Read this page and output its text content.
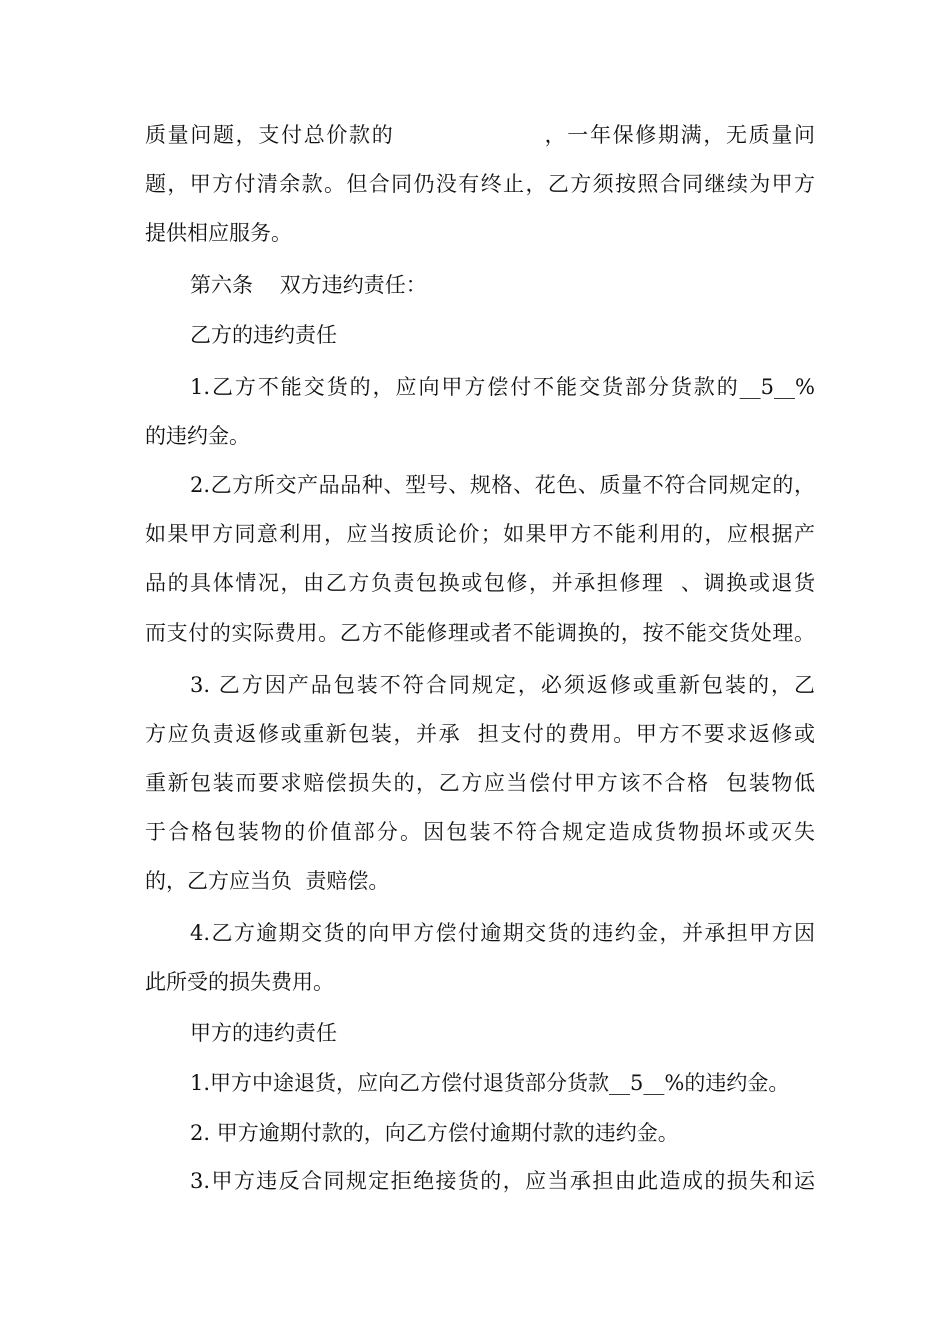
质量问题，支付总价款的                  ，一年保修期满，无质量问
题，甲方付清余款。但合同仍没有终止，乙方须按照合同继续为甲方
提供相应服务。
第六条    双方违约责任：
乙方的违约责任
1.乙方不能交货的，应向甲方偿付不能交货部分货款的__5__%
的违约金。
2.乙方所交产品品种、型号、规格、花色、质量不符合同规定的，
如果甲方同意利用，应当按质论价；如果甲方不能利用的，应根据产
品的具体情况，由乙方负责包换或包修，并承担修理  、调换或退货
而支付的实际费用。乙方不能修理或者不能调换的，按不能交货处理。
3. 乙方因产品包装不符合同规定，必须返修或重新包装的，乙
方应负责返修或重新包装，并承  担支付的费用。甲方不要求返修或
重新包装而要求赔偿损失的，乙方应当偿付甲方该不合格  包装物低
于合格包装物的价值部分。因包装不符合规定造成货物损坏或灭失
的，乙方应当负  责赔偿。
4.乙方逾期交货的向甲方偿付逾期交货的违约金，并承担甲方因
此所受的损失费用。
甲方的违约责任
1.甲方中途退货，应向乙方偿付退货部分货款__5__%的违约金。
2. 甲方逾期付款的，向乙方偿付逾期付款的违约金。
3.甲方违反合同规定拒绝接货的，应当承担由此造成的损失和运
